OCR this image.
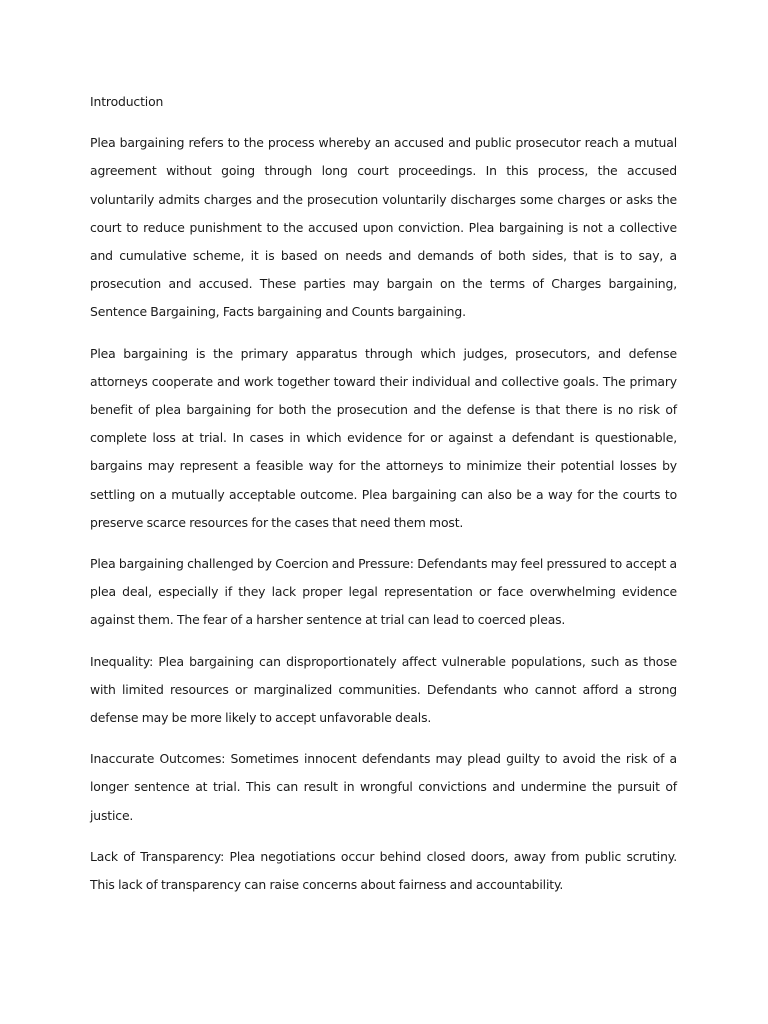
Introduction

Plea bargaining refers to the process whereby an accused and public prosecutor reach a mutual agreement without going through long court proceedings. In this process, the accused voluntarily admits charges and the prosecution voluntarily discharges some charges or asks the court to reduce punishment to the accused upon conviction. Plea bargaining is not a collective and cumulative scheme, it is based on needs and demands of both sides, that is to say, a prosecution and accused. These parties may bargain on the terms of Charges bargaining, Sentence Bargaining, Facts bargaining and Counts bargaining.

Plea bargaining is the primary apparatus through which judges, prosecutors, and defense attorneys cooperate and work together toward their individual and collective goals. The primary benefit of plea bargaining for both the prosecution and the defense is that there is no risk of complete loss at trial. In cases in which evidence for or against a defendant is questionable, bargains may represent a feasible way for the attorneys to minimize their potential losses by settling on a mutually acceptable outcome. Plea bargaining can also be a way for the courts to preserve scarce resources for the cases that need them most.

Plea bargaining challenged by Coercion and Pressure: Defendants may feel pressured to accept a plea deal, especially if they lack proper legal representation or face overwhelming evidence against them. The fear of a harsher sentence at trial can lead to coerced pleas.

Inequality: Plea bargaining can disproportionately affect vulnerable populations, such as those with limited resources or marginalized communities. Defendants who cannot afford a strong defense may be more likely to accept unfavorable deals.

Inaccurate Outcomes: Sometimes innocent defendants may plead guilty to avoid the risk of a longer sentence at trial. This can result in wrongful convictions and undermine the pursuit of justice.

Lack of Transparency: Plea negotiations occur behind closed doors, away from public scrutiny. This lack of transparency can raise concerns about fairness and accountability.
